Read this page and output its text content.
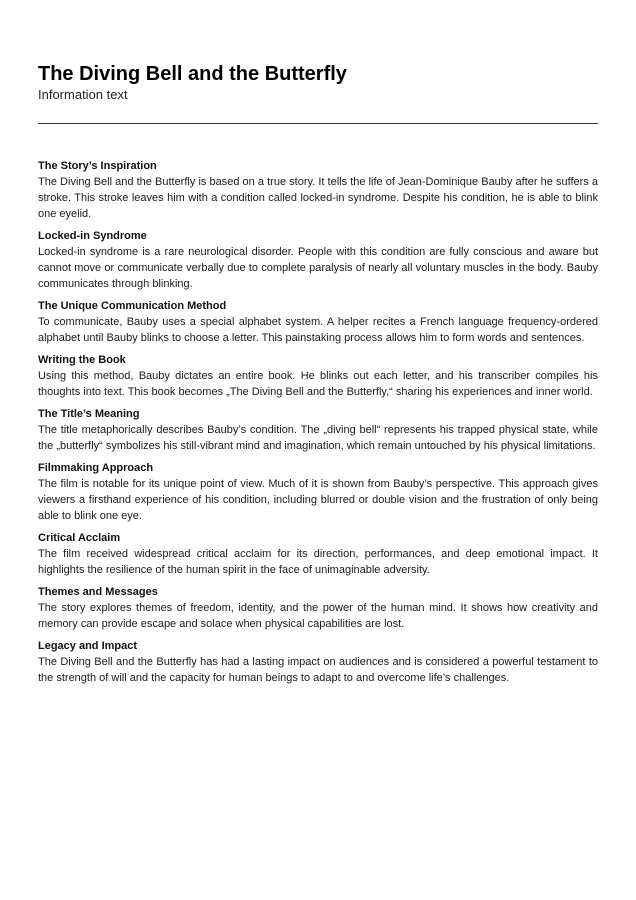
The Diving Bell and the Butterfly

Information text

The Story’s Inspiration

The Diving Bell and the Butterfly is based on a true story. It tells the life of Jean-Dominique Bauby after he suffers a stroke. This stroke leaves him with a condition called locked-in syndrome. Despite his condition, he is able to blink one eyelid.

Locked-in Syndrome

Locked-in syndrome is a rare neurological disorder. People with this condition are fully conscious and aware but cannot move or communicate verbally due to complete paralysis of nearly all voluntary muscles in the body. Bauby communicates through blinking.

The Unique Communication Method

To communicate, Bauby uses a special alphabet system. A helper recites a French language frequency-ordered alphabet until Bauby blinks to choose a letter. This painstaking process allows him to form words and sentences.

Writing the Book

Using this method, Bauby dictates an entire book. He blinks out each letter, and his transcriber compiles his thoughts into text. This book becomes „The Diving Bell and the Butterfly,“ sharing his experiences and inner world.

The Title’s Meaning

The title metaphorically describes Bauby’s condition. The „diving bell“ represents his trapped physical state, while the „butterfly“ symbolizes his still-vibrant mind and imagination, which remain untouched by his physical limitations.

Filmmaking Approach

The film is notable for its unique point of view. Much of it is shown from Bauby’s perspective. This approach gives viewers a firsthand experience of his condition, including blurred or double vision and the frustration of only being able to blink one eye.

Critical Acclaim

The film received widespread critical acclaim for its direction, performances, and deep emotional impact. It highlights the resilience of the human spirit in the face of unimaginable adversity.

Themes and Messages

The story explores themes of freedom, identity, and the power of the human mind. It shows how creativity and memory can provide escape and solace when physical capabilities are lost.

Legacy and Impact

The Diving Bell and the Butterfly has had a lasting impact on audiences and is considered a powerful testament to the strength of will and the capacity for human beings to adapt to and overcome life’s challenges.
